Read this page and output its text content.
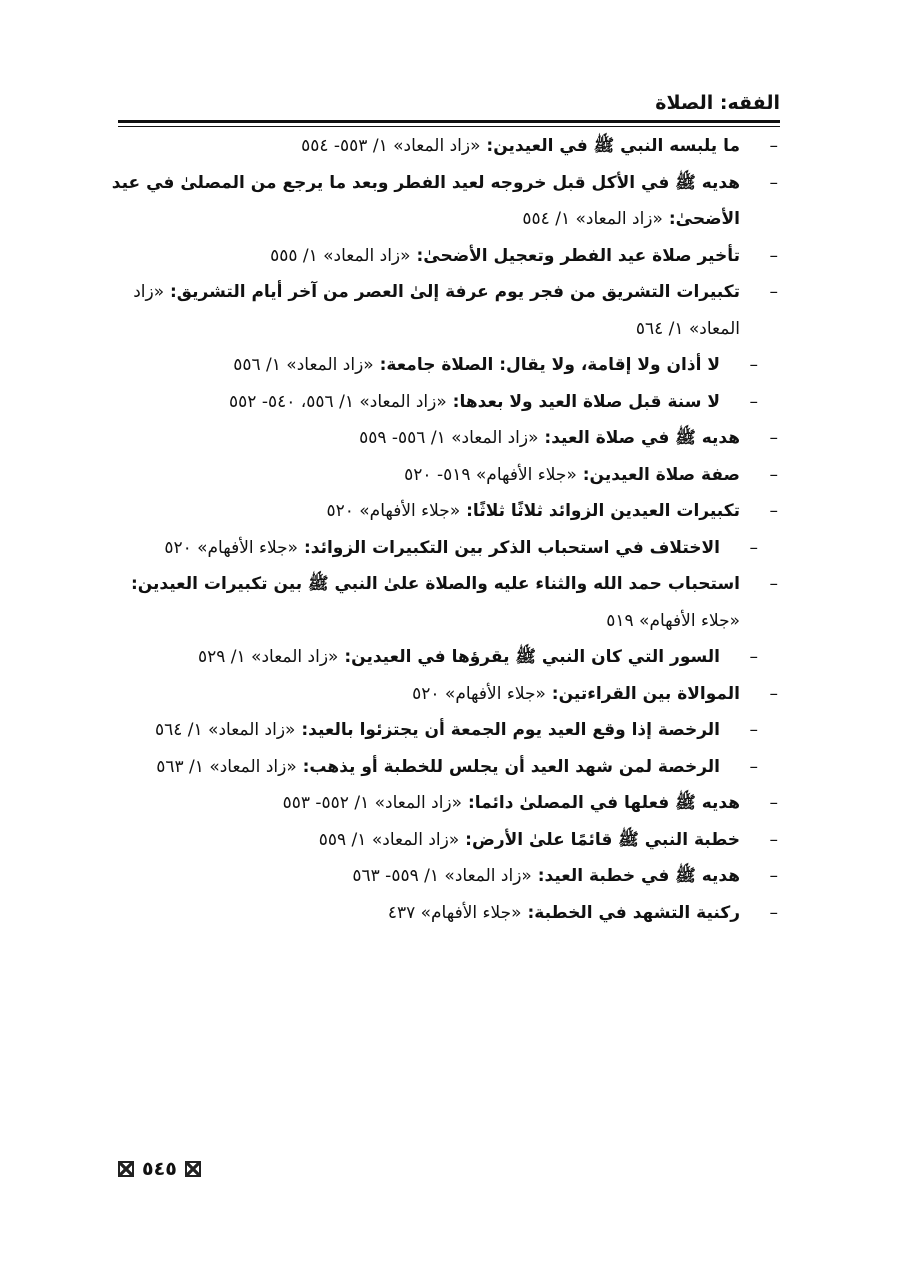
الفقه: الصلاة
–
ما يلبسه النبي ﷺ في العيدين: «زاد المعاد» ١/ ٥٥٣- ٥٥٤
–
هديه ﷺ في الأكل قبل خروجه لعيد الفطر وبعد ما يرجع من المصلىٰ في عيد الأضحىٰ: «زاد المعاد» ١/ ٥٥٤
–
تأخير صلاة عيد الفطر وتعجيل الأضحىٰ: «زاد المعاد» ١/ ٥٥٥
–
تكبيرات التشريق من فجر يوم عرفة إلىٰ العصر من آخر أيام التشريق: «زاد المعاد» ١/ ٥٦٤
–
لا أذان ولا إقامة، ولا يقال: الصلاة جامعة: «زاد المعاد» ١/ ٥٥٦
–
لا سنة قبل صلاة العيد ولا بعدها: «زاد المعاد» ١/ ٥٥٦، ٥٤٠- ٥٥٢
–
هديه ﷺ في صلاة العيد: «زاد المعاد» ١/ ٥٥٦- ٥٥٩
–
صفة صلاة العيدين: «جلاء الأفهام» ٥١٩- ٥٢٠
–
تكبيرات العيدين الزوائد ثلاثًا ثلاثًا: «جلاء الأفهام» ٥٢٠
–
الاختلاف في استحباب الذكر بين التكبيرات الزوائد: «جلاء الأفهام» ٥٢٠
–
استحباب حمد الله والثناء عليه والصلاة علىٰ النبي ﷺ بين تكبيرات العيدين: «جلاء الأفهام» ٥١٩
–
السور التي كان النبي ﷺ يقرؤها في العيدين: «زاد المعاد» ١/ ٥٢٩
–
الموالاة بين القراءتين: «جلاء الأفهام» ٥٢٠
–
الرخصة إذا وقع العيد يوم الجمعة أن يجتزئوا بالعيد: «زاد المعاد» ١/ ٥٦٤
–
الرخصة لمن شهد العيد أن يجلس للخطبة أو يذهب: «زاد المعاد» ١/ ٥٦٣
–
هديه ﷺ فعلها في المصلىٰ دائما: «زاد المعاد» ١/ ٥٥٢- ٥٥٣
–
خطبة النبي ﷺ قائمًا علىٰ الأرض: «زاد المعاد» ١/ ٥٥٩
–
هديه ﷺ في خطبة العيد: «زاد المعاد» ١/ ٥٥٩- ٥٦٣
–
ركنية التشهد في الخطبة: «جلاء الأفهام» ٤٣٧
٥٤٥
